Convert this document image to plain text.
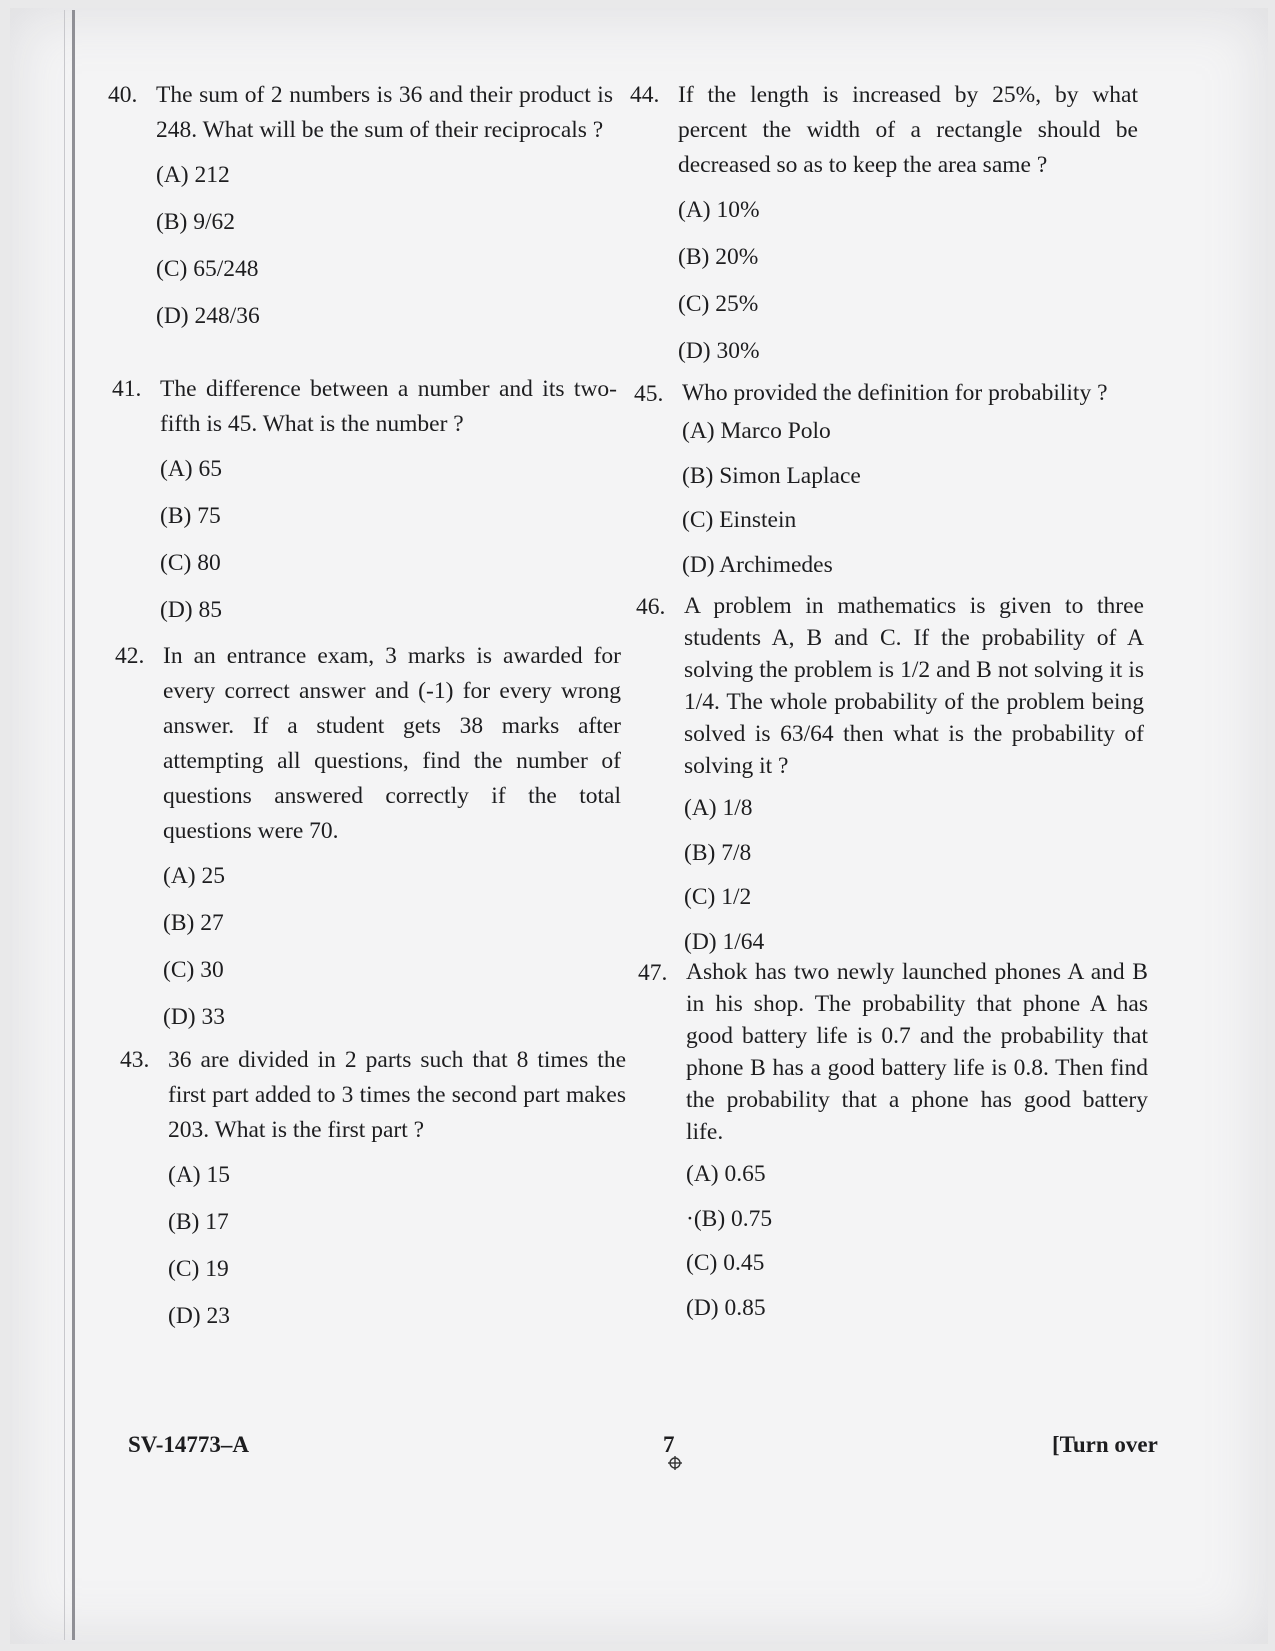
40. The sum of 2 numbers is 36 and their product is 248. What will be the sum of their reciprocals ?
(A) 212
(B) 9/62
(C) 65/248
(D) 248/36
41. The difference between a number and its two-fifth is 45. What is the number ?
(A) 65
(B) 75
(C) 80
(D) 85
42. In an entrance exam, 3 marks is awarded for every correct answer and (-1) for every wrong answer. If a student gets 38 marks after attempting all questions, find the number of questions answered correctly if the total questions were 70.
(A) 25
(B) 27
(C) 30
(D) 33
43. 36 are divided in 2 parts such that 8 times the first part added to 3 times the second part makes 203. What is the first part ?
(A) 15
(B) 17
(C) 19
(D) 23
44. If the length is increased by 25%, by what percent the width of a rectangle should be decreased so as to keep the area same ?
(A) 10%
(B) 20%
(C) 25%
(D) 30%
45. Who provided the definition for probability ?
(A) Marco Polo
(B) Simon Laplace
(C) Einstein
(D) Archimedes
46. A problem in mathematics is given to three students A, B and C. If the probability of A solving the problem is 1/2 and B not solving it is 1/4. The whole probability of the problem being solved is 63/64 then what is the probability of solving it ?
(A) 1/8
(B) 7/8
(C) 1/2
(D) 1/64
47. Ashok has two newly launched phones A and B in his shop. The probability that phone A has good battery life is 0.7 and the probability that phone B has a good battery life is 0.8. Then find the probability that a phone has good battery life.
(A) 0.65
·(B) 0.75
(C) 0.45
(D) 0.85
SV-14773–A	7	[Turn over
